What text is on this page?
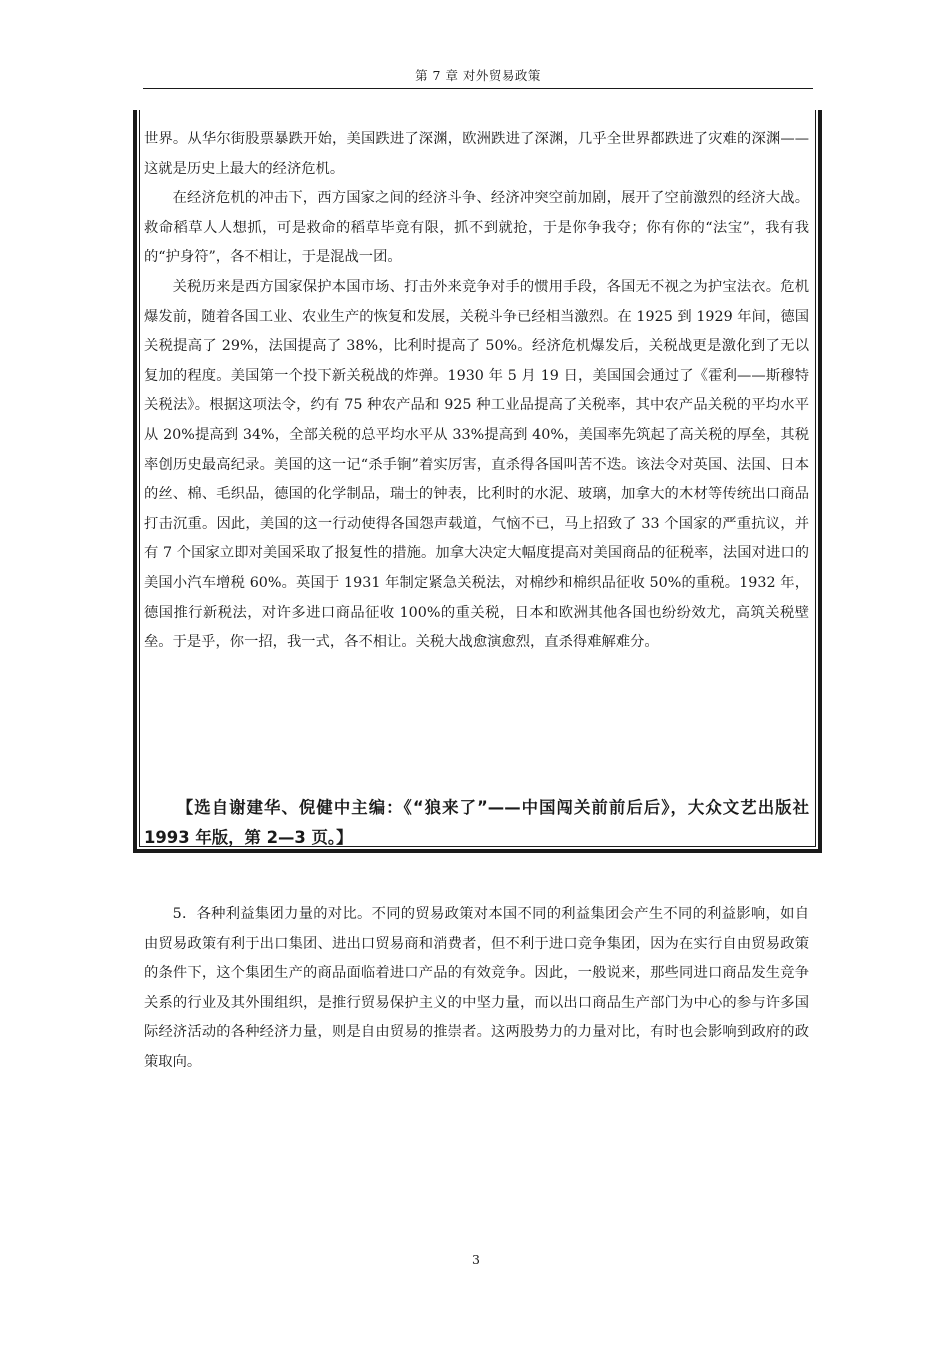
第 7 章 对外贸易政策

世界。从华尔街股票暴跌开始，美国跌进了深渊，欧洲跌进了深渊，几乎全世界都跌进了灾难的深渊——这就是历史上最大的经济危机。

在经济危机的冲击下，西方国家之间的经济斗争、经济冲突空前加剧，展开了空前激烈的经济大战。救命稻草人人想抓，可是救命的稻草毕竟有限，抓不到就抢，于是你争我夺；你有你的“法宝”，我有我的“护身符”，各不相让，于是混战一团。

关税历来是西方国家保护本国市场、打击外来竞争对手的惯用手段，各国无不视之为护宝法衣。危机爆发前，随着各国工业、农业生产的恢复和发展，关税斗争已经相当激烈。在 1925 到 1929 年间，德国关税提高了 29%，法国提高了 38%，比利时提高了 50%。经济危机爆发后，关税战更是激化到了无以复加的程度。美国第一个投下新关税战的炸弹。1930 年 5 月 19 日，美国国会通过了《霍利——斯穆特关税法》。根据这项法令，约有 75 种农产品和 925 种工业品提高了关税率，其中农产品关税的平均水平从 20%提高到 34%，全部关税的总平均水平从 33%提高到 40%，美国率先筑起了高关税的厚垒，其税率创历史最高纪录。美国的这一记“杀手锏”着实厉害，直杀得各国叫苦不迭。该法令对英国、法国、日本的丝、棉、毛织品，德国的化学制品，瑞士的钟表，比利时的水泥、玻璃，加拿大的木材等传统出口商品打击沉重。因此，美国的这一行动使得各国怨声载道，气恼不已，马上招致了 33 个国家的严重抗议，并有 7 个国家立即对美国采取了报复性的措施。加拿大决定大幅度提高对美国商品的征税率，法国对进口的美国小汽车增税 60%。英国于 1931 年制定紧急关税法，对棉纱和棉织品征收 50%的重税。1932 年，德国推行新税法，对许多进口商品征收 100%的重关税，日本和欧洲其他各国也纷纷效尤，高筑关税壁垒。于是乎，你一招，我一式，各不相让。关税大战愈演愈烈，直杀得难解难分。

【选自谢建华、倪健中主编：《“狼来了”——中国闯关前前后后》，大众文艺出版社 1993 年版，第 2—3 页。】

5．各种利益集团力量的对比。不同的贸易政策对本国不同的利益集团会产生不同的利益影响，如自由贸易政策有利于出口集团、进出口贸易商和消费者，但不利于进口竞争集团，因为在实行自由贸易政策的条件下，这个集团生产的商品面临着进口产品的有效竞争。因此，一般说来，那些同进口商品发生竞争关系的行业及其外围组织，是推行贸易保护主义的中坚力量，而以出口商品生产部门为中心的参与许多国际经济活动的各种经济力量，则是自由贸易的推崇者。这两股势力的力量对比，有时也会影响到政府的政策取向。

3
